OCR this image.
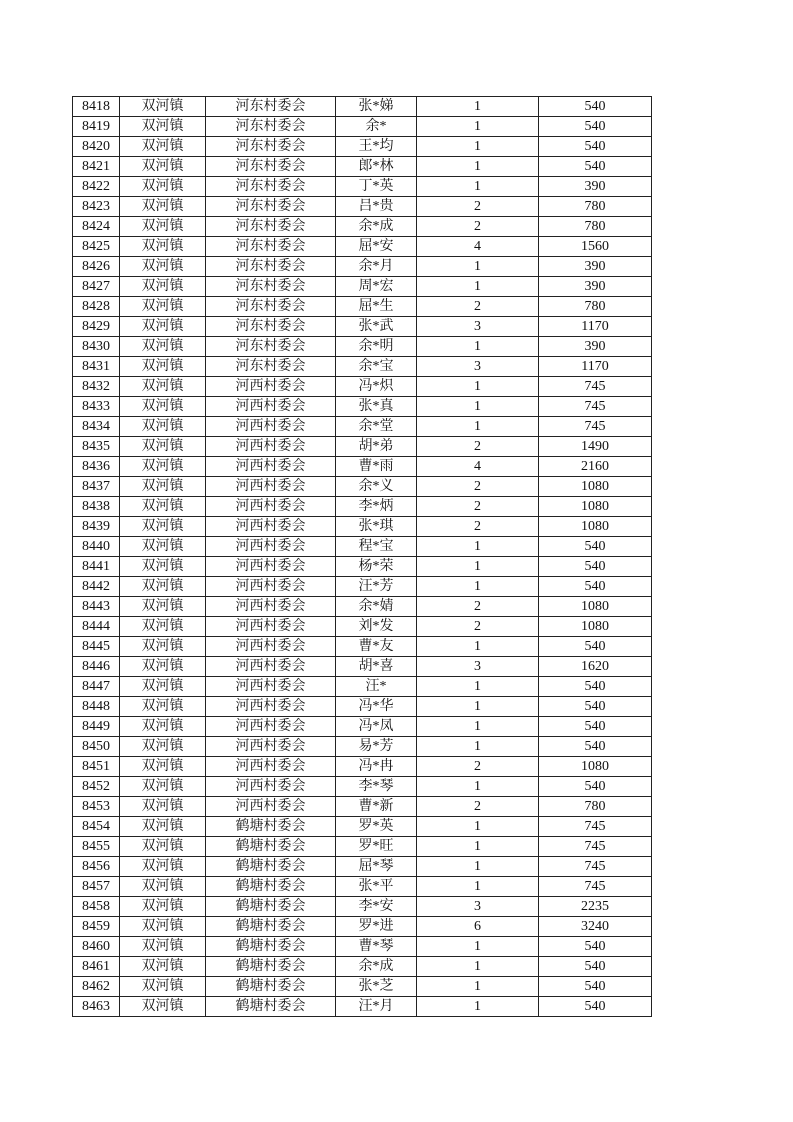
8418	双河镇	河东村委会	张*娣	1	540
8419	双河镇	河东村委会	余*	1	540
8420	双河镇	河东村委会	王*均	1	540
8421	双河镇	河东村委会	郎*林	1	540
8422	双河镇	河东村委会	丁*英	1	390
8423	双河镇	河东村委会	吕*贵	2	780
8424	双河镇	河东村委会	余*成	2	780
8425	双河镇	河东村委会	屈*安	4	1560
8426	双河镇	河东村委会	余*月	1	390
8427	双河镇	河东村委会	周*宏	1	390
8428	双河镇	河东村委会	屈*生	2	780
8429	双河镇	河东村委会	张*武	3	1170
8430	双河镇	河东村委会	余*明	1	390
8431	双河镇	河东村委会	余*宝	3	1170
8432	双河镇	河西村委会	冯*炽	1	745
8433	双河镇	河西村委会	张*真	1	745
8434	双河镇	河西村委会	余*堂	1	745
8435	双河镇	河西村委会	胡*弟	2	1490
8436	双河镇	河西村委会	曹*雨	4	2160
8437	双河镇	河西村委会	余*义	2	1080
8438	双河镇	河西村委会	李*炳	2	1080
8439	双河镇	河西村委会	张*琪	2	1080
8440	双河镇	河西村委会	程*宝	1	540
8441	双河镇	河西村委会	杨*荣	1	540
8442	双河镇	河西村委会	汪*芳	1	540
8443	双河镇	河西村委会	余*婧	2	1080
8444	双河镇	河西村委会	刘*发	2	1080
8445	双河镇	河西村委会	曹*友	1	540
8446	双河镇	河西村委会	胡*喜	3	1620
8447	双河镇	河西村委会	汪*	1	540
8448	双河镇	河西村委会	冯*华	1	540
8449	双河镇	河西村委会	冯*凤	1	540
8450	双河镇	河西村委会	易*芳	1	540
8451	双河镇	河西村委会	冯*冉	2	1080
8452	双河镇	河西村委会	李*琴	1	540
8453	双河镇	河西村委会	曹*新	2	780
8454	双河镇	鹤塘村委会	罗*英	1	745
8455	双河镇	鹤塘村委会	罗*旺	1	745
8456	双河镇	鹤塘村委会	屈*琴	1	745
8457	双河镇	鹤塘村委会	张*平	1	745
8458	双河镇	鹤塘村委会	李*安	3	2235
8459	双河镇	鹤塘村委会	罗*进	6	3240
8460	双河镇	鹤塘村委会	曹*琴	1	540
8461	双河镇	鹤塘村委会	余*成	1	540
8462	双河镇	鹤塘村委会	张*芝	1	540
8463	双河镇	鹤塘村委会	汪*月	1	540
